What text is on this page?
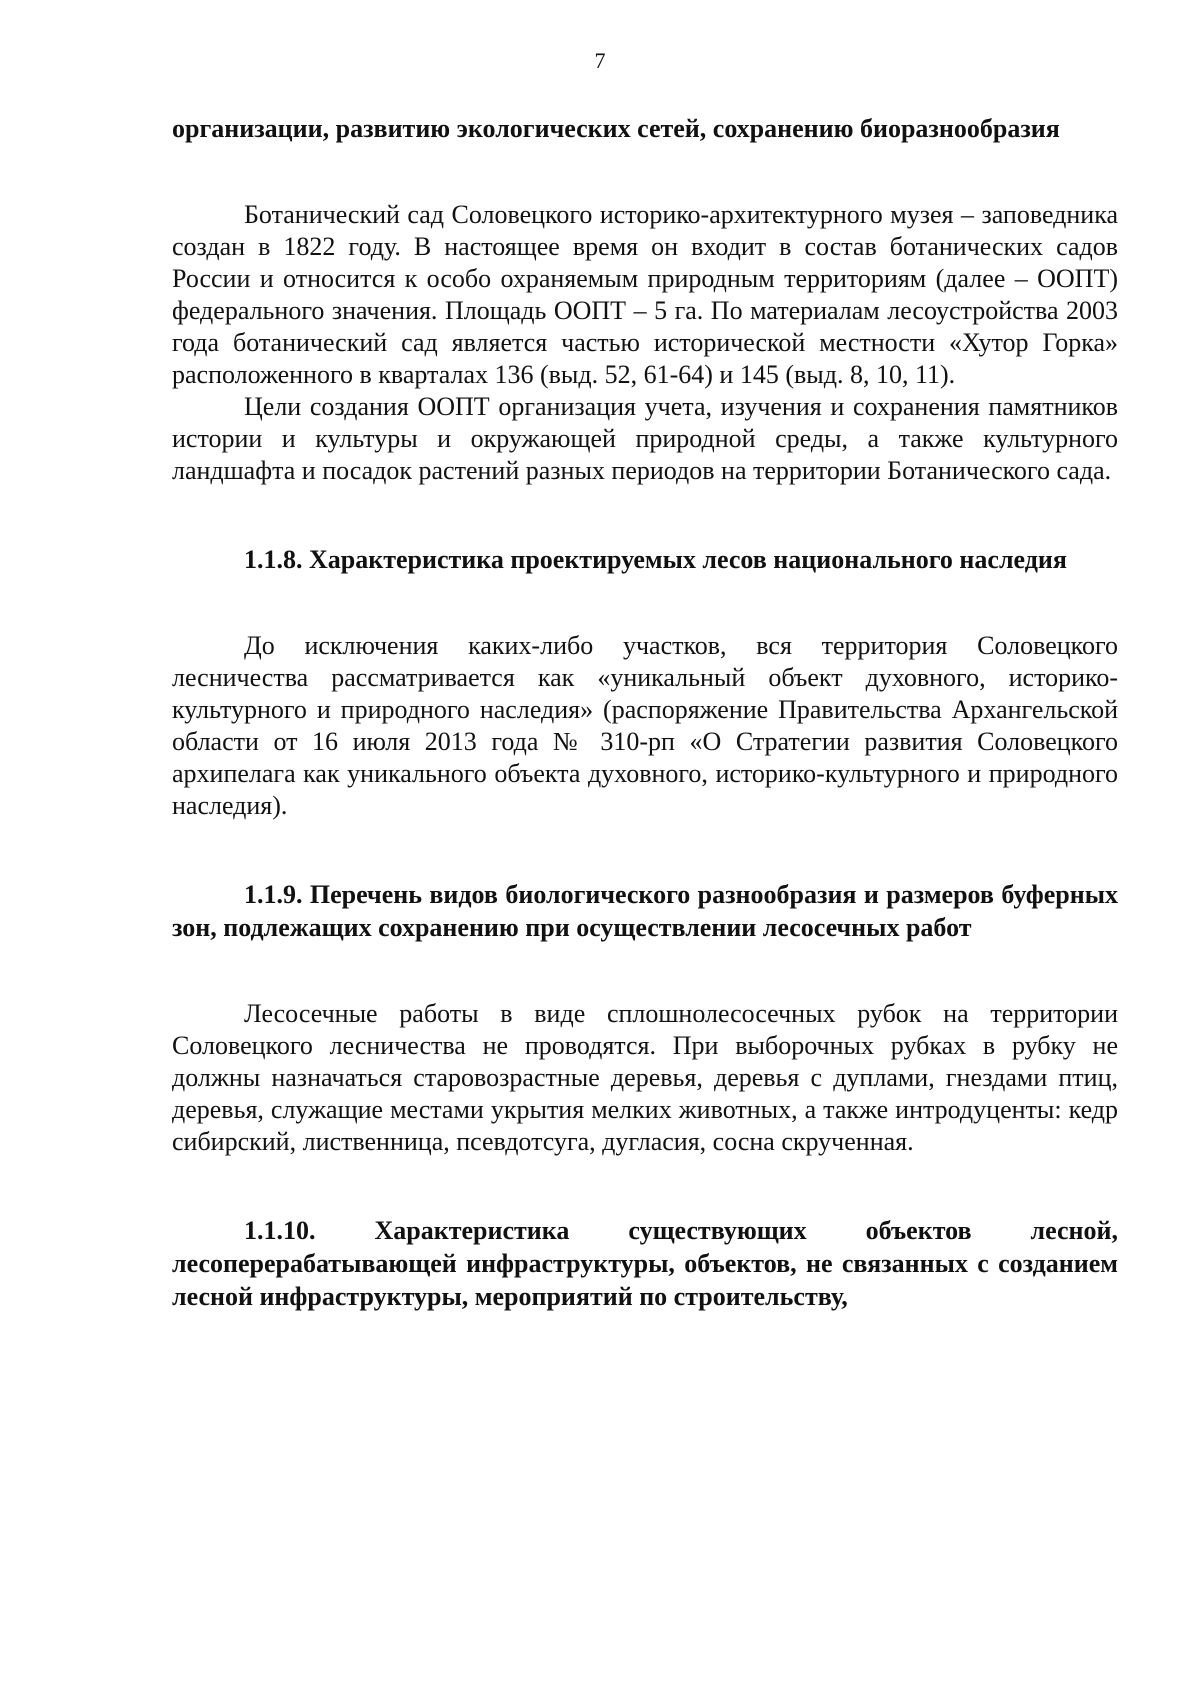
7

организации, развитию экологических сетей, сохранению биоразнообразия

Ботанический сад Соловецкого историко-архитектурного музея – заповедника создан в 1822 году. В настоящее время он входит в состав ботанических садов России и относится к особо охраняемым природным территориям (далее – ООПТ) федерального значения. Площадь ООПТ – 5 га. По материалам лесоустройства 2003 года ботанический сад является частью исторической местности «Хутор Горка» расположенного в кварталах 136 (выд. 52, 61-64) и 145 (выд. 8, 10, 11).

Цели создания ООПТ организация учета, изучения и сохранения памятников истории и культуры и окружающей природной среды, а также культурного ландшафта и посадок растений разных периодов на территории Ботанического сада.

1.1.8. Характеристика проектируемых лесов национального наследия

До исключения каких-либо участков, вся территория Соловецкого лесничества рассматривается как «уникальный объект духовного, историко-культурного и природного наследия» (распоряжение Правительства Архангельской области от 16 июля 2013 года № 310-рп «О Стратегии развития Соловецкого архипелага как уникального объекта духовного, историко-культурного и природного наследия).

1.1.9. Перечень видов биологического разнообразия и размеров буферных зон, подлежащих сохранению при осуществлении лесосечных работ

Лесосечные работы в виде сплошнолесосечных рубок на территории Соловецкого лесничества не проводятся. При выборочных рубках в рубку не должны назначаться старовозрастные деревья, деревья с дуплами, гнездами птиц, деревья, служащие местами укрытия мелких животных, а также интродуценты: кедр сибирский, лиственница, псевдотсуга, дугласия, сосна скрученная.

1.1.10. Характеристика существующих объектов лесной, лесоперерабатывающей инфраструктуры, объектов, не связанных с созданием лесной инфраструктуры, мероприятий по строительству,
